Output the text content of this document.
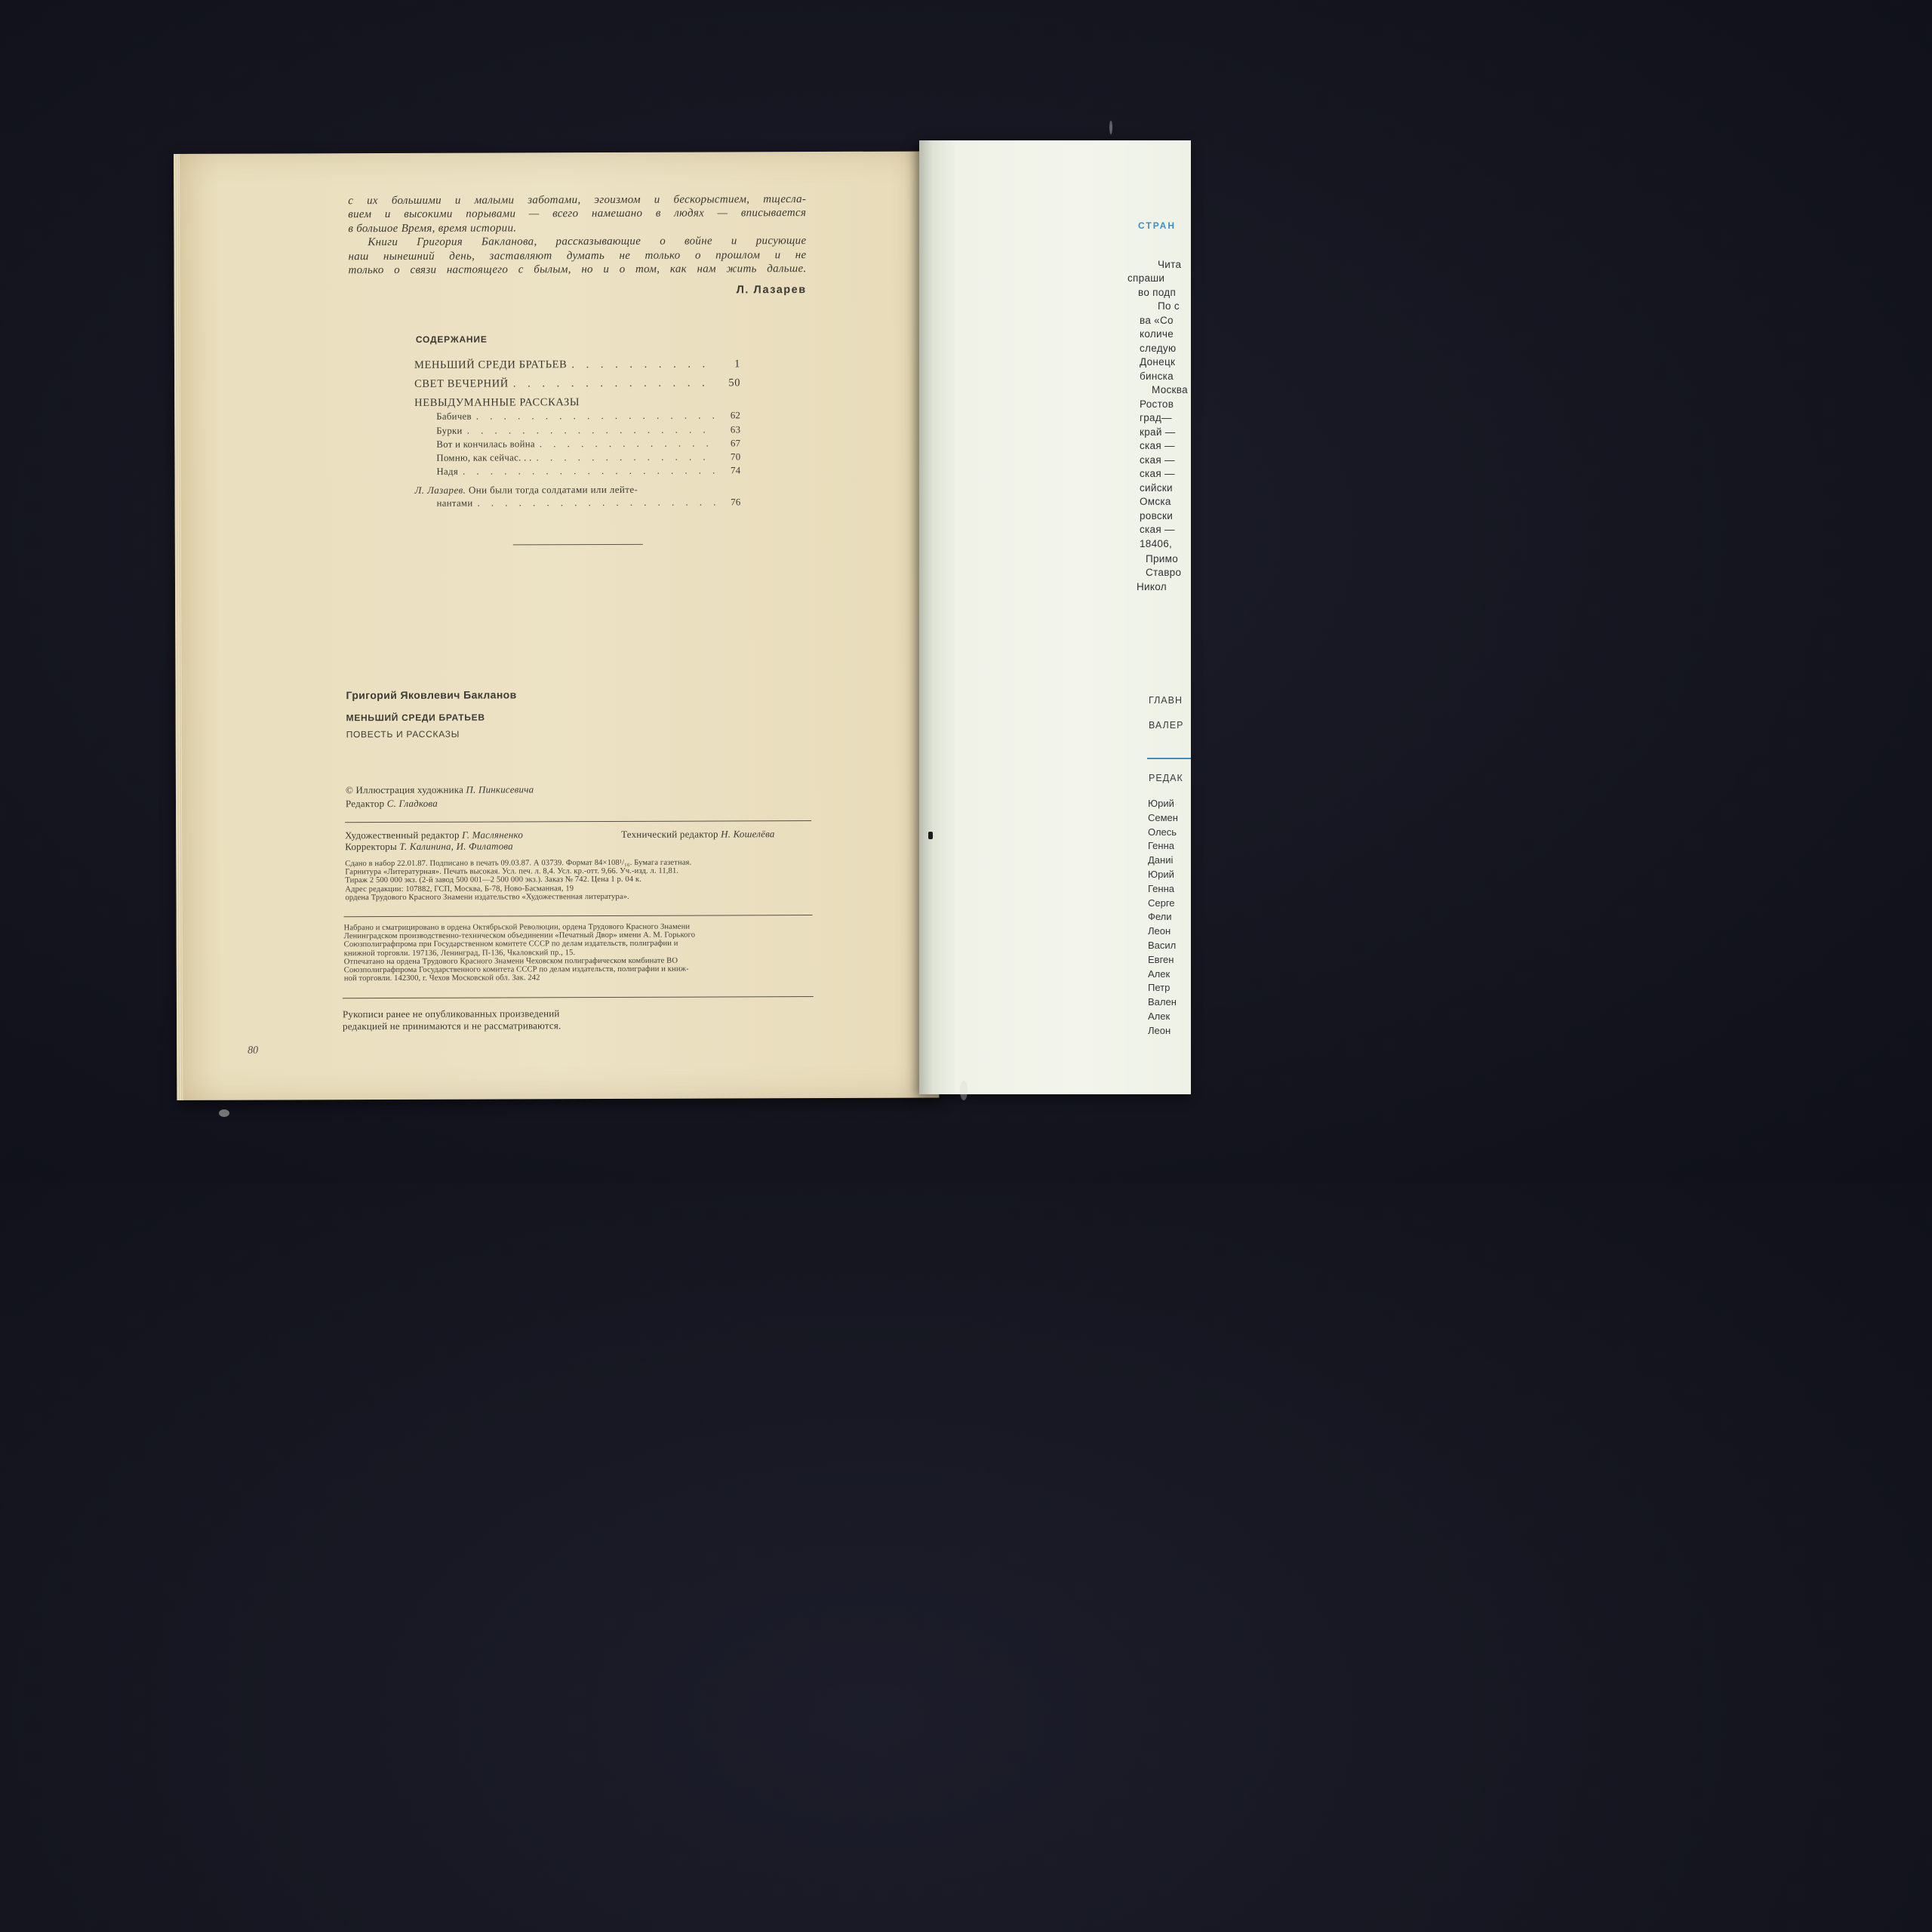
с их большими и малыми заботами, эгоизмом и бескорыстием, тщесла-
вием и высокими порывами — всего намешано в людях — вписывается
в большое Время, время истории.
Книги Григория Бакланова, рассказывающие о войне и рисующие
наш нынешний день, заставляют думать не только о прошлом и не
только о связи настоящего с былым, но и о том, как нам жить дальше.
Л. Лазарев
СОДЕРЖАНИЕ
МЕНЬШИЙ СРЕДИ БРАТЬЕВ . . .	1
СВЕТ ВЕЧЕРНИЙ . . .	50
НЕВЫДУМАННЫЕ РАССКАЗЫ
Бабичев . . .	62
Бурки . . .	63
Вот и кончилась война . . .	67
Помню, как сейчас. . . . . .	70
Надя . . .	74
Л. Лазарев. Они были тогда солдатами или лейте-
нантами . . .	76
Григорий Яковлевич Бакланов
МЕНЬШИЙ СРЕДИ БРАТЬЕВ
ПОВЕСТЬ И РАССКАЗЫ
© Иллюстрация художника П. Пинкисевича
Редактор С. Гладкова
Художественный редактор Г. Масляненко	Технический редактор Н. Кошелёва
Корректоры Т. Калинина, И. Филатова
Сдано в набор 22.01.87. Подписано в печать 09.03.87. А 03739. Формат 84×108¹/₁₆. Бумага газетная.
Гарнитура «Литературная». Печать высокая. Усл. печ. л. 8,4. Усл. кр.-отт. 9,66. Уч.-изд. л. 11,81.
Тираж 2 500 000 экз. (2-й завод 500 001—2 500 000 экз.). Заказ № 742. Цена 1 р. 04 к.
Адрес редакции: 107882, ГСП, Москва, Б-78, Ново-Басманная, 19
ордена Трудового Красного Знамени издательство «Художественная литература».
Набрано и сматрицировано в ордена Октябрьской Революции, ордена Трудового Красного Знамени
Ленинградском производственно-техническом объединении «Печатный Двор» имени А. М. Горького
Союзполиграфпрома при Государственном комитете СССР по делам издательств, полиграфии и
книжной торговли. 197136, Ленинград, П-136, Чкаловский пр., 15.
Отпечатано на ордена Трудового Красного Знамени Чеховском полиграфическом комбинате ВО
Союзполиграфпрома Государственного комитета СССР по делам издательств, полиграфии и книж-
ной торговли. 142300, г. Чехов Московской обл. Зак. 242
Рукописи ранее не опубликованных произведений
редакцией не принимаются и не рассматриваются.
80
СТРАН
Чита
спраши
во подп
По с
ва «Со
количе
следую
Донецк
бинска
Москва
Ростов
град—
край —
ская —
ская —
ская —
сийски
Омска
ровски
ская —
18406,
Примо
Ставро
Никол
ГЛАВН
ВАЛЕР
РЕДАК
Юрий
Семен
Олесь
Генна
Даниі
Юрий
Генна
Серге
Фели
Леон
Васил
Евген
Алек
Петр
Вален
Алек
Леон
